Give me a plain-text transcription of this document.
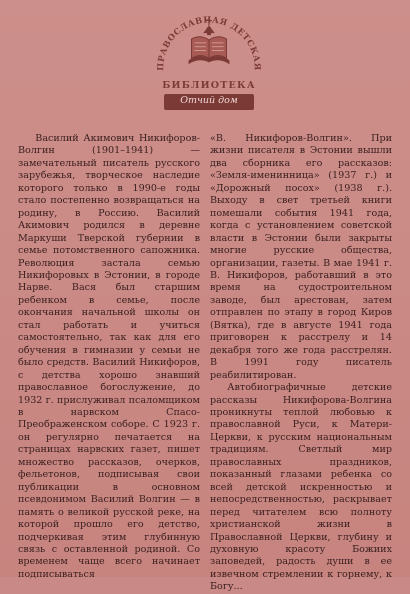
ПРАВОСЛАВНАЯ ДЕТСКАЯ
БИБЛИОТЕКА
Отчий дом

Василий Акимович Никифоров-Волгин (1901–1941) — замечательный писатель русского зарубежья, творческое наследие которого только в 1990-е годы стало постепенно возвращаться на родину, в Россию. Василий Акимович родился в деревне Маркуши Тверской губернии в семье потомственного сапожника. Революция застала семью Никифоровых в Эстонии, в городе Нарве. Вася был старшим ребенком в семье, после окончания начальной школы он стал работать и учиться самостоятельно, так как для его обучения в гимназии у семьи не было средств. Василий Никифоров, с детства хорошо знавший православное богослужение, до 1932 г. прислуживал псаломщиком в нарвском Спасо-Преображенском соборе. С 1923 г. он регулярно печатается на страницах нарвских газет, пишет множество рассказов, очерков, фельетонов, подписывая свои публикации в основном псевдонимом Василий Волгин — в память о великой русской реке, на которой прошло его детство, подчеркивая этим глубинную связь с оставленной родиной. Со временем чаще всего начинает подписываться

«В. Никифоров-Волгин». При жизни писателя в Эстонии вышли два сборника его рассказов: «Земля-именинница» (1937 г.) и «Дорожный посох» (1938 г.). Выходу в свет третьей книги помешали события 1941 года, когда с установлением советской власти в Эстонии были закрыты многие русские общества, организации, газеты. В мае 1941 г. В. Никифоров, работавший в это время на судостроительном заводе, был арестован, затем отправлен по этапу в город Киров (Вятка), где в августе 1941 года приговорен к расстрелу и 14 декабря того же года расстрелян. В 1991 году писатель реабилитирован.

Автобиографичные детские рассказы Никифорова-Волгина проникнуты теплой любовью к православной Руси, к Матери-Церкви, к русским национальным традициям. Светлый мир православных праздников, показанный глазами ребенка со всей детской искренностью и непосредственностью, раскрывает перед читателем всю полноту христианской жизни в Православной Церкви, глубину и духовную красоту Божиих заповедей, радость души в ее извечном стремлении к горнему, к Богу...
